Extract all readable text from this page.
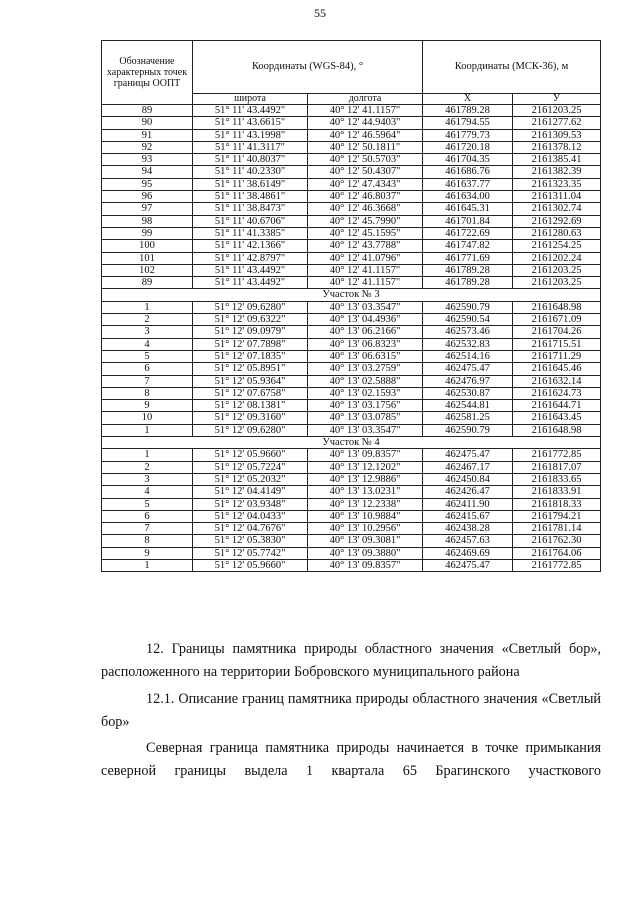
55
Обозначение характерных точек границы ООПТ	Координаты (WGS-84), °		Координаты (МСК-36), м	
	широта	долгота	X	У
89	51° 11' 43.4492"	40° 12' 41.1157"	461789.28	2161203.25
90	51° 11' 43.6615"	40° 12' 44.9403"	461794.55	2161277.62
91	51° 11' 43.1998"	40° 12' 46.5964"	461779.73	2161309.53
92	51° 11' 41.3117"	40° 12' 50.1811"	461720.18	2161378.12
93	51° 11' 40.8037"	40° 12' 50.5703"	461704.35	2161385.41
94	51° 11' 40.2330"	40° 12' 50.4307"	461686.76	2161382.39
95	51° 11' 38.6149"	40° 12' 47.4343"	461637.77	2161323.35
96	51° 11' 38.4861"	40° 12' 46.8037"	461634.00	2161311.04
97	51° 11' 38.8473"	40° 12' 46.3668"	461645.31	2161302.74
98	51° 11' 40.6706"	40° 12' 45.7990"	461701.84	2161292.69
99	51° 11' 41.3385"	40° 12' 45.1595"	461722.69	2161280.63
100	51° 11' 42.1366"	40° 12' 43.7788"	461747.82	2161254.25
101	51° 11' 42.8797"	40° 12' 41.0796"	461771.69	2161202.24
102	51° 11' 43.4492"	40° 12' 41.1157"	461789.28	2161203.25
89	51° 11' 43.4492"	40° 12' 41.1157"	461789.28	2161203.25
Участок № 3				
1	51° 12' 09.6280"	40° 13' 03.3547"	462590.79	2161648.98
2	51° 12' 09.6322"	40° 13' 04.4936"	462590.54	2161671.09
3	51° 12' 09.0979"	40° 13' 06.2166"	462573.46	2161704.26
4	51° 12' 07.7898"	40° 13' 06.8323"	462532.83	2161715.51
5	51° 12' 07.1835"	40° 13' 06.6315"	462514.16	2161711.29
6	51° 12' 05.8951"	40° 13' 03.2759"	462475.47	2161645.46
7	51° 12' 05.9364"	40° 13' 02.5888"	462476.97	2161632.14
8	51° 12' 07.6758"	40° 13' 02.1593"	462530.87	2161624.73
9	51° 12' 08.1381"	40° 13' 03.1756"	462544.81	2161644.71
10	51° 12' 09.3160"	40° 13' 03.0785"	462581.25	2161643.45
1	51° 12' 09.6280"	40° 13' 03.3547"	462590.79	2161648.98
Участок № 4				
1	51° 12' 05.9660"	40° 13' 09.8357"	462475.47	2161772.85
2	51° 12' 05.7224"	40° 13' 12.1202"	462467.17	2161817.07
3	51° 12' 05.2032"	40° 13' 12.9886"	462450.84	2161833.65
4	51° 12' 04.4149"	40° 13' 13.0231"	462426.47	2161833.91
5	51° 12' 03.9348"	40° 13' 12.2338"	462411.90	2161818.33
6	51° 12' 04.0433"	40° 13' 10.9884"	462415.67	2161794.21
7	51° 12' 04.7676"	40° 13' 10.2956"	462438.28	2161781.14
8	51° 12' 05.3830"	40° 13' 09.3081"	462457.63	2161762.30
9	51° 12' 05.7742"	40° 13' 09.3880"	462469.69	2161764.06
1	51° 12' 05.9660"	40° 13' 09.8357"	462475.47	2161772.85
12. Границы памятника природы областного значения «Светлый бор», расположенного на территории Бобровского муниципального района
12.1. Описание границ памятника природы областного значения «Светлый бор»
Северная граница памятника природы начинается в точке примыкания
северной границы выдела 1 квартала 65 Брагинского участкового
